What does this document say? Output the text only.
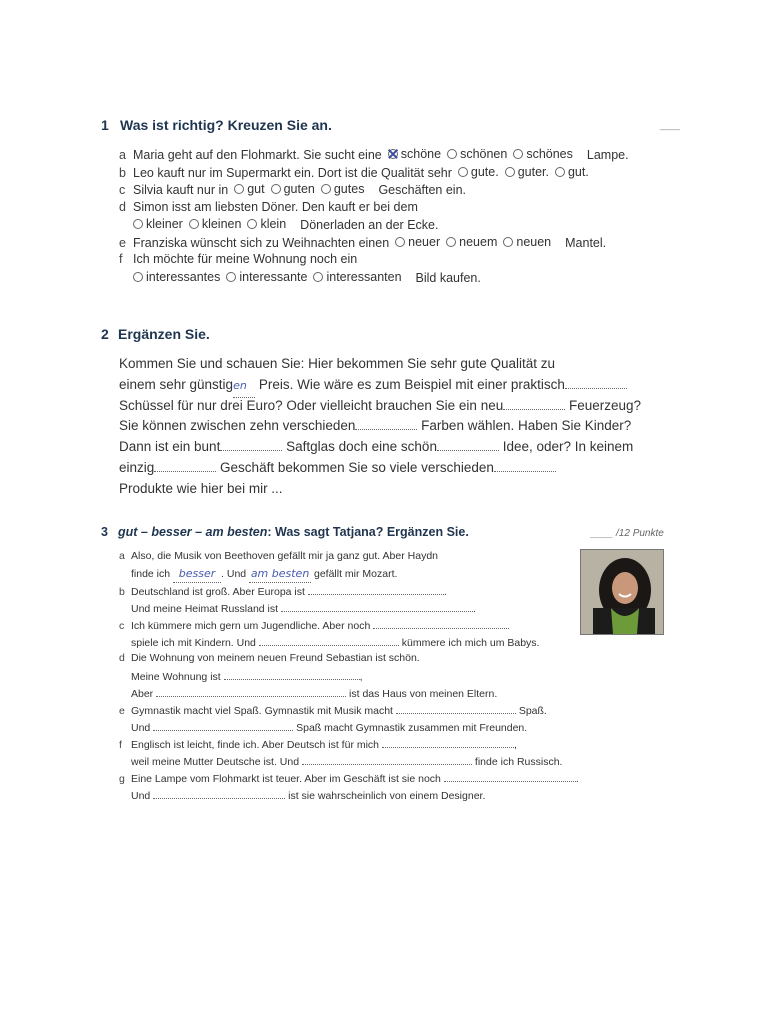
1 Was ist richtig? Kreuzen Sie an.	____
a Maria geht auf den Flohmarkt. Sie sucht eine schöne schönen schönes Lampe.
b Leo kauft nur im Supermarkt ein. Dort ist die Qualität sehr gute. guter. gut.
c Silvia kauft nur in gut guten gutes Geschäften ein.
d Simon isst am liebsten Döner. Den kauft er bei dem
kleiner kleinen klein Dönerladen an der Ecke.
e Franziska wünscht sich zu Weihnachten einen neuer neuem neuen Mantel.
f Ich möchte für meine Wohnung noch ein
interessantes interessante interessanten Bild kaufen.
2 Ergänzen Sie.
Kommen Sie und schauen Sie: Hier bekommen Sie sehr gute Qualität zu
einem sehr günstigen Preis. Wie wäre es zum Beispiel mit einer praktisch
Schüssel für nur drei Euro? Oder vielleicht brauchen Sie ein neu	Feuerzeug?
Sie können zwischen zehn verschieden	Farben wählen. Haben Sie Kinder?
Dann ist ein bunt	Saftglas doch eine schön	Idee, oder? In keinem
einzig	Geschäft bekommen Sie so viele verschieden
Produkte wie hier bei mir ...
3 gut – besser – am besten: Was sagt Tatjana? Ergänzen Sie.	____ /12 Punkte
a Also, die Musik von Beethoven gefällt mir ja ganz gut. Aber Haydn
finde ich besser . Und am besten gefällt mir Mozart.
b Deutschland ist groß. Aber Europa ist	.
Und meine Heimat Russland ist	.
c Ich kümmere mich gern um Jugendliche. Aber noch
spiele ich mit Kindern. Und	kümmere ich mich um Babys.
d Die Wohnung von meinem neuen Freund Sebastian ist schön.
Meine Wohnung ist	,
Aber	ist das Haus von meinen Eltern.
e Gymnastik macht viel Spaß. Gymnastik mit Musik macht	Spaß.
Und	Spaß macht Gymnastik zusammen mit Freunden.
f Englisch ist leicht, finde ich. Aber Deutsch ist für mich	,
weil meine Mutter Deutsche ist. Und	finde ich Russisch.
g Eine Lampe vom Flohmarkt ist teuer. Aber im Geschäft ist sie noch	.
Und	ist sie wahrscheinlich von einem Designer.
